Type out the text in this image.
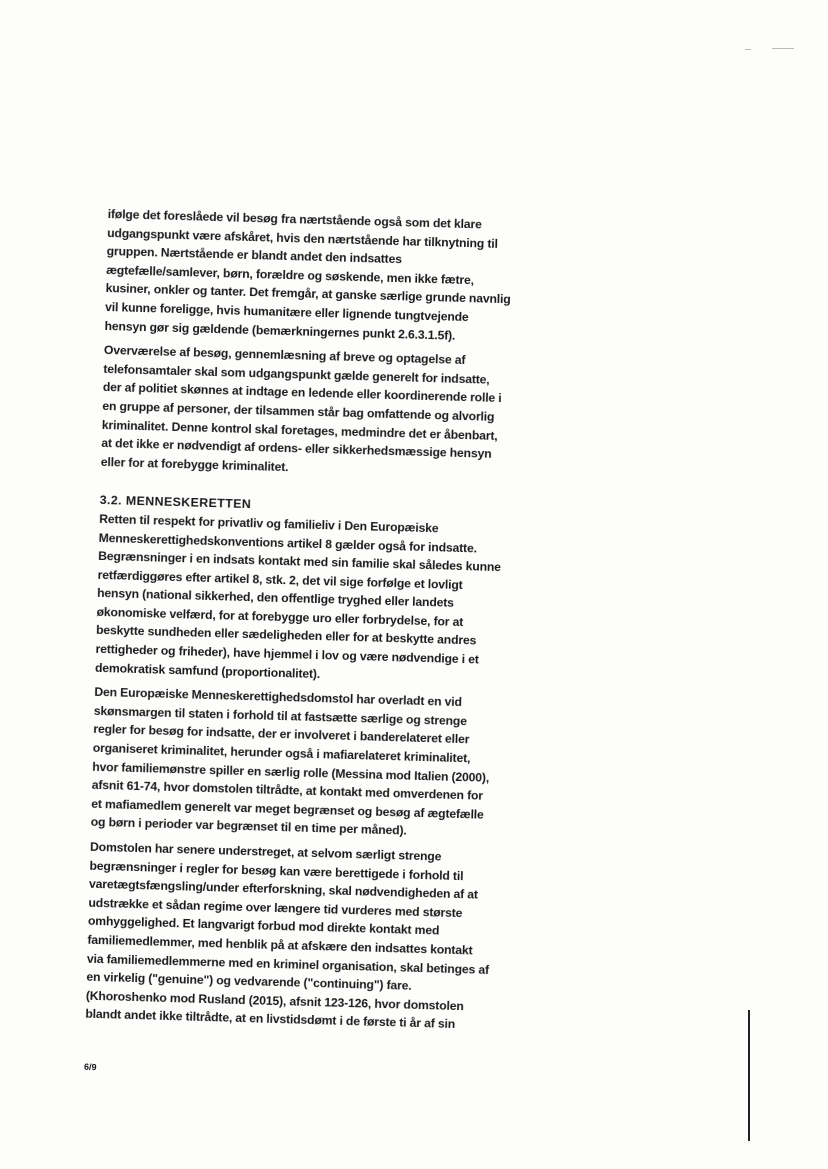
ifølge det foreslåede vil besøg fra nærtstående også som det klare
udgangspunkt være afskåret, hvis den nærtstående har tilknytning til
gruppen. Nærtstående er blandt andet den indsattes
ægtefælle/samlever, børn, forældre og søskende, men ikke fætre,
kusiner, onkler og tanter. Det fremgår, at ganske særlige grunde navnlig
vil kunne foreligge, hvis humanitære eller lignende tungtvejende
hensyn gør sig gældende (bemærkningernes punkt 2.6.3.1.5f).

Overværelse af besøg, gennemlæsning af breve og optagelse af
telefonsamtaler skal som udgangspunkt gælde generelt for indsatte,
der af politiet skønnes at indtage en ledende eller koordinerende rolle i
en gruppe af personer, der tilsammen står bag omfattende og alvorlig
kriminalitet. Denne kontrol skal foretages, medmindre det er åbenbart,
at det ikke er nødvendigt af ordens- eller sikkerhedsmæssige hensyn
eller for at forebygge kriminalitet.

3.2. MENNESKERETTEN

Retten til respekt for privatliv og familieliv i Den Europæiske
Menneskerettighedskonventions artikel 8 gælder også for indsatte.
Begrænsninger i en indsats kontakt med sin familie skal således kunne
retfærdiggøres efter artikel 8, stk. 2, det vil sige forfølge et lovligt
hensyn (national sikkerhed, den offentlige tryghed eller landets
økonomiske velfærd, for at forebygge uro eller forbrydelse, for at
beskytte sundheden eller sædeligheden eller for at beskytte andres
rettigheder og friheder), have hjemmel i lov og være nødvendige i et
demokratisk samfund (proportionalitet).

Den Europæiske Menneskerettighedsdomstol har overladt en vid
skønsmargen til staten i forhold til at fastsætte særlige og strenge
regler for besøg for indsatte, der er involveret i banderelateret eller
organiseret kriminalitet, herunder også i mafiarelateret kriminalitet,
hvor familiemønstre spiller en særlig rolle (Messina mod Italien (2000),
afsnit 61-74, hvor domstolen tiltrådte, at kontakt med omverdenen for
et mafiamedlem generelt var meget begrænset og besøg af ægtefælle
og børn i perioder var begrænset til en time per måned).

Domstolen har senere understreget, at selvom særligt strenge
begrænsninger i regler for besøg kan være berettigede i forhold til
varetægtsfængsling/under efterforskning, skal nødvendigheden af at
udstrække et sådan regime over længere tid vurderes med største
omhyggelighed. Et langvarigt forbud mod direkte kontakt med
familiemedlemmer, med henblik på at afskære den indsattes kontakt
via familiemedlemmerne med en kriminel organisation, skal betinges af
en virkelig ("genuine") og vedvarende ("continuing") fare.
(Khoroshenko mod Rusland (2015), afsnit 123-126, hvor domstolen
blandt andet ikke tiltrådte, at en livstidsdømt i de første ti år af sin

6/9
